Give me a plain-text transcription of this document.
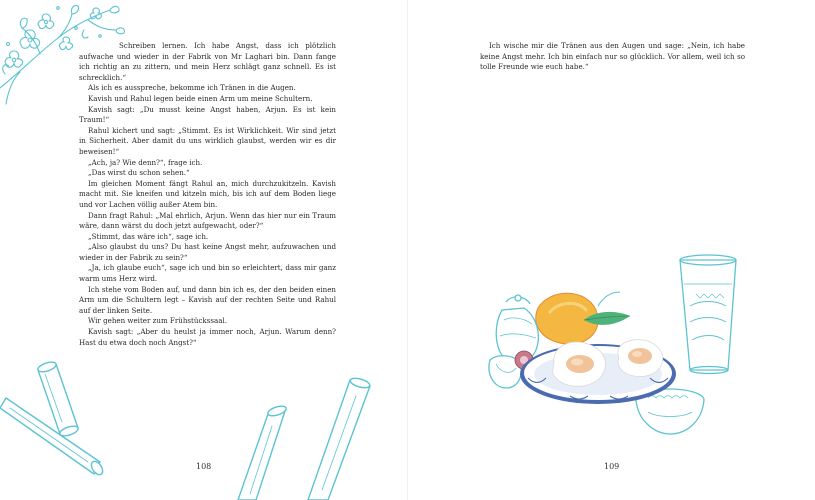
Schreiben lernen. Ich habe Angst, dass ich plötzlich aufwache und wieder in der Fabrik von Mr Laghari bin. Dann fange ich richtig an zu zittern, und mein Herz schlägt ganz schnell. Es ist schrecklich.“

Als ich es ausspreche, bekomme ich Tränen in die Augen.

Kavish und Rahul legen beide einen Arm um meine Schultern.

Kavish sagt: „Du musst keine Angst haben, Arjun. Es ist kein Traum!“

Rahul kichert und sagt: „Stimmt. Es ist Wirklichkeit. Wir sind jetzt in Sicherheit. Aber damit du uns wirklich glaubst, werden wir es dir beweisen!“

„Ach, ja? Wie denn?“, frage ich.

„Das wirst du schon sehen.“

Im gleichen Moment fängt Rahul an, mich durchzukitzeln. Kavish macht mit. Sie kneifen und kitzeln mich, bis ich auf dem Boden liege und vor Lachen völlig außer Atem bin.

Dann fragt Rahul: „Mal ehrlich, Arjun. Wenn das hier nur ein Traum wäre, dann wärst du doch jetzt aufgewacht, oder?“

„Stimmt, das wäre ich“, sage ich.

„Also glaubst du uns? Du hast keine Angst mehr, aufzuwachen und wieder in der Fabrik zu sein?“

„Ja, ich glaube euch“, sage ich und bin so erleichtert, dass mir ganz warm ums Herz wird.

Ich stehe vom Boden auf, und dann bin ich es, der den beiden einen Arm um die Schultern legt – Kavish auf der rechten Seite und Rahul auf der linken Seite.

Wir gehen weiter zum Frühstückssaal.

Kavish sagt: „Aber du heulst ja immer noch, Arjun. Warum denn? Hast du etwa doch noch Angst?“

108	109

Ich wische mir die Tränen aus den Augen und sage: „Nein, ich habe keine Angst mehr. Ich bin einfach nur so glücklich. Vor allem, weil ich so tolle Freunde wie euch habe.“
